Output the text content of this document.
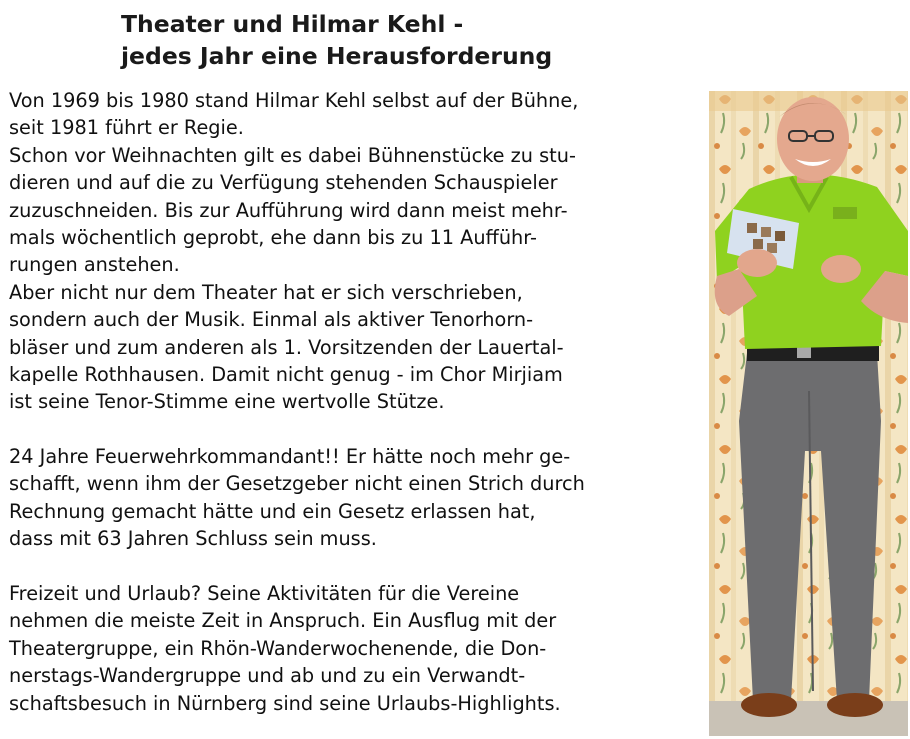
Theater und Hilmar Kehl -
jedes Jahr eine Herausforderung
Von 1969 bis 1980 stand Hilmar Kehl selbst auf der Bühne,
seit 1981 führt er Regie.
Schon vor Weihnachten gilt es dabei Bühnenstücke zu stu-
dieren und auf die zu Verfügung stehenden Schauspieler
zuzuschneiden. Bis zur Aufführung wird dann meist mehr-
mals wöchentlich geprobt, ehe dann bis zu 11 Aufführ-
rungen anstehen.
Aber nicht nur dem Theater hat er sich verschrieben,
sondern auch der Musik. Einmal als aktiver Tenorhorn-
bläser und zum anderen als 1. Vorsitzenden der Lauertal-
kapelle Rothhausen. Damit nicht genug - im Chor Mirjiam
ist seine Tenor-Stimme eine wertvolle Stütze.
24 Jahre Feuerwehrkommandant!! Er hätte noch mehr ge-
schafft, wenn ihm der Gesetzgeber nicht einen Strich durch
Rechnung gemacht hätte und ein Gesetz erlassen hat,
dass mit 63 Jahren Schluss sein muss.
Freizeit und Urlaub? Seine Aktivitäten für die Vereine
nehmen die meiste Zeit in Anspruch. Ein Ausflug mit der
Theatergruppe, ein Rhön-Wanderwochenende, die Don-
nerstags-Wandergruppe und ab und zu ein Verwandt-
schaftsbesuch in Nürnberg sind seine Urlaubs-Highlights.
